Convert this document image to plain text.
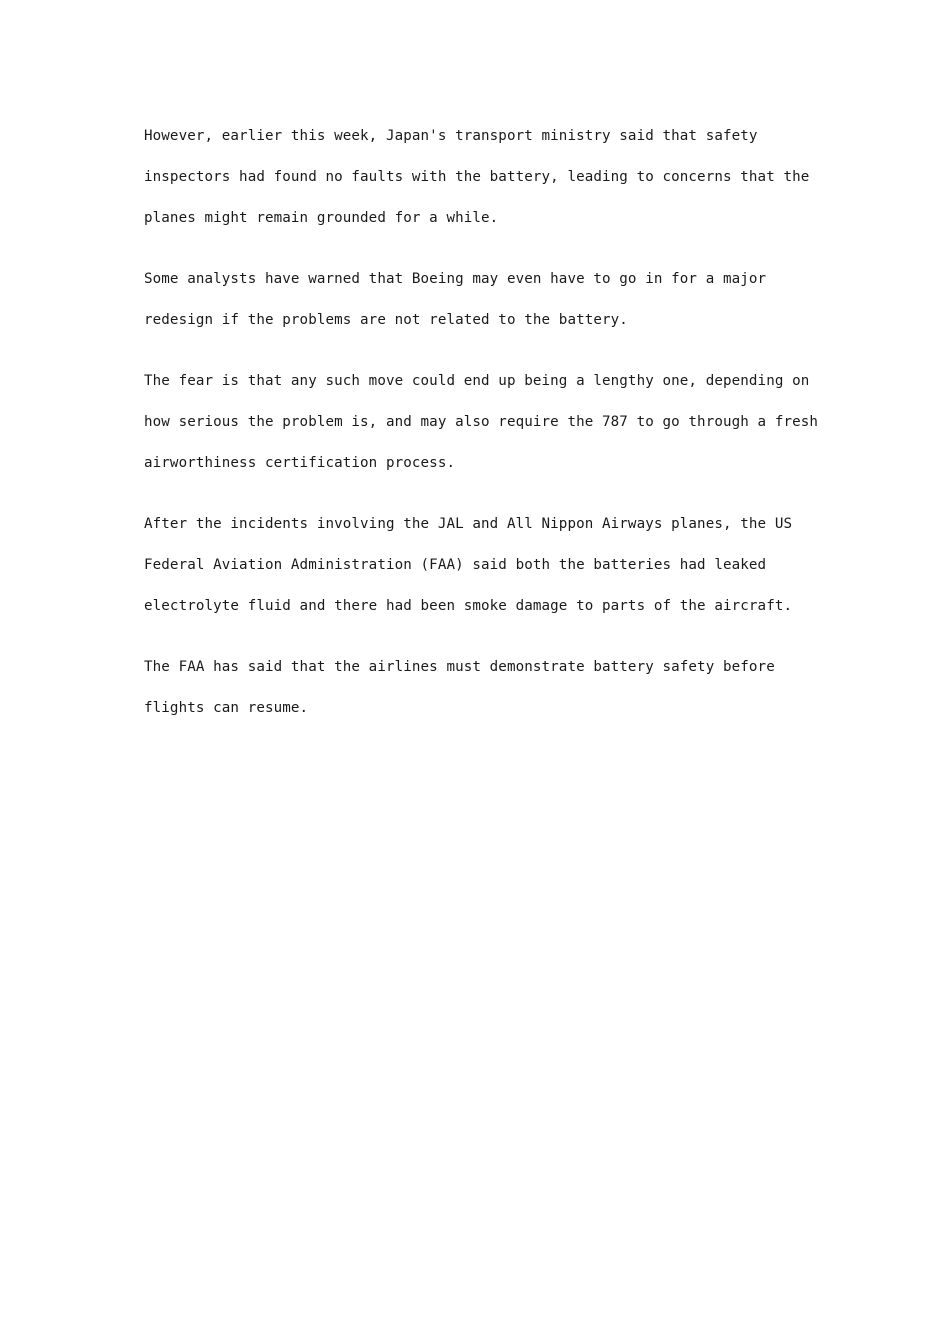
However, earlier this week, Japan's transport ministry said that safety
inspectors had found no faults with the battery, leading to concerns that the
planes might remain grounded for a while.
Some analysts have warned that Boeing may even have to go in for a major
redesign if the problems are not related to the battery.
The fear is that any such move could end up being a lengthy one, depending on
how serious the problem is, and may also require the 787 to go through a fresh
airworthiness certification process.
After the incidents involving the JAL and All Nippon Airways planes, the US
Federal Aviation Administration (FAA) said both the batteries had leaked
electrolyte fluid and there had been smoke damage to parts of the aircraft.
The FAA has said that the airlines must demonstrate battery safety before
flights can resume.
